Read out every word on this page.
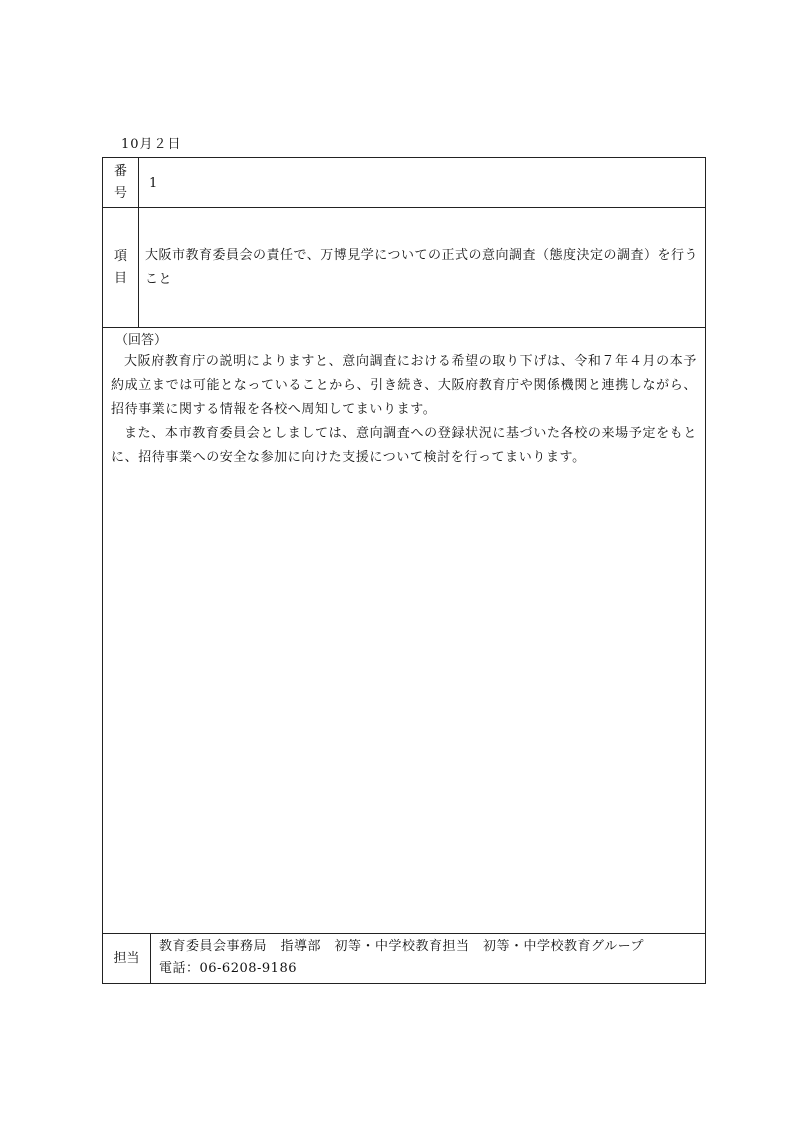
10月２日
番
号
1
項
目
大阪市教育委員会の責任で、万博見学についての正式の意向調査（態度決定の調査）を行うこと
（回答）

大阪府教育庁の説明によりますと、意向調査における希望の取り下げは、令和７年４月の本予約成立までは可能となっていることから、引き続き、大阪府教育庁や関係機関と連携しながら、招待事業に関する情報を各校へ周知してまいります。

また、本市教育委員会としましては、意向調査への登録状況に基づいた各校の来場予定をもとに、招待事業への安全な参加に向けた支援について検討を行ってまいります。

担当
教育委員会事務局　指導部　初等・中学校教育担当　初等・中学校教育グループ
電話：06-6208-9186
